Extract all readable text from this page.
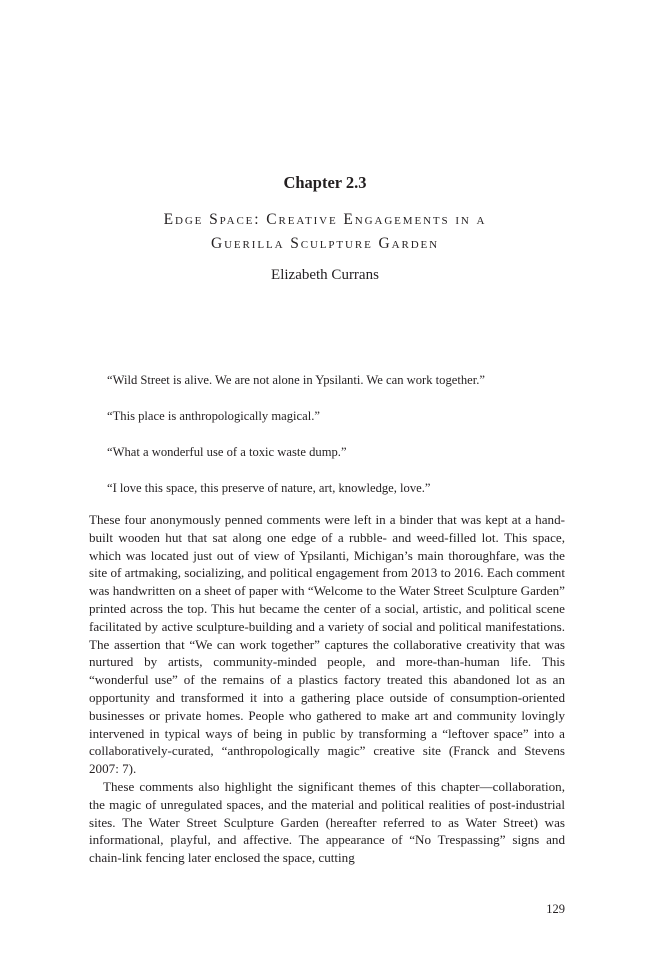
Chapter 2.3
Edge Space: Creative Engagements in a
Guerilla Sculpture Garden
Elizabeth Currans
“Wild Street is alive. We are not alone in Ypsilanti. We can work together.”
“This place is anthropologically magical.”
“What a wonderful use of a toxic waste dump.”
“I love this space, this preserve of nature, art, knowledge, love.”

These four anonymously penned comments were left in a binder that was kept at a hand-built wooden hut that sat along one edge of a rubble- and weed-filled lot. This space, which was located just out of view of Ypsilanti, Michigan’s main thoroughfare, was the site of artmaking, socializing, and political engagement from 2013 to 2016. Each comment was handwritten on a sheet of paper with “Welcome to the Water Street Sculpture Garden” printed across the top. This hut became the center of a social, artistic, and political scene facilitated by active sculpture-building and a variety of social and political manifestations. The assertion that “We can work together” captures the collaborative creativity that was nurtured by artists, community-minded people, and more-than-human life. This “wonderful use” of the remains of a plastics factory treated this abandoned lot as an opportunity and transformed it into a gathering place outside of consumption-oriented businesses or private homes. People who gathered to make art and community lovingly intervened in typical ways of being in public by transforming a “leftover space” into a collaboratively-curated, “anthropologically magic” creative site (Franck and Stevens 2007: 7).

These comments also highlight the significant themes of this chapter—collaboration, the magic of unregulated spaces, and the material and political realities of post-industrial sites. The Water Street Sculpture Garden (hereafter referred to as Water Street) was informational, playful, and affective. The appearance of “No Trespassing” signs and chain-link fencing later enclosed the space, cutting

129
